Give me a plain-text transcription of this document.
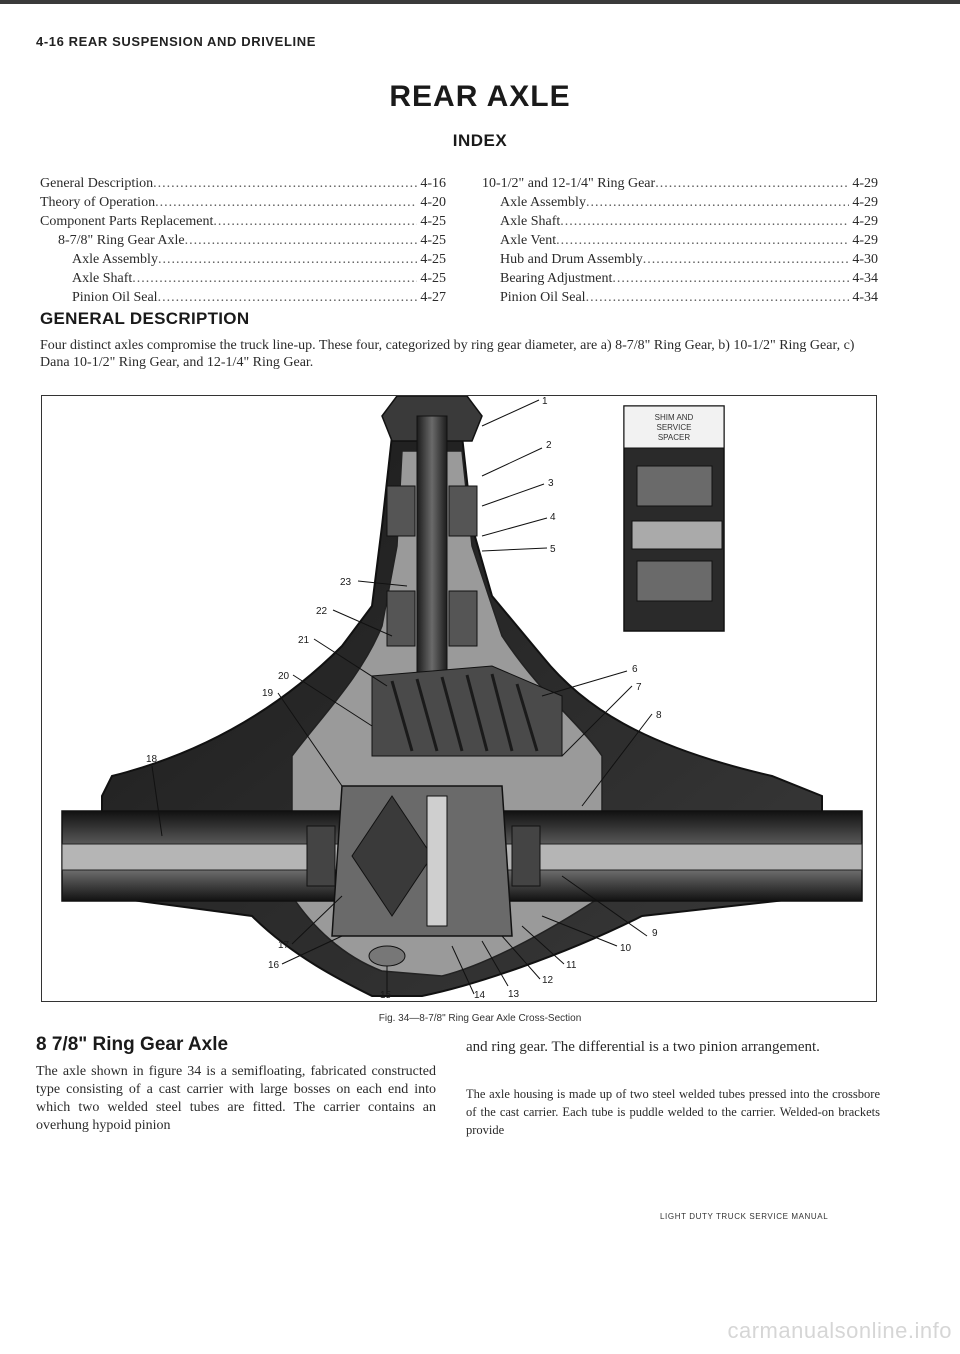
4-16 REAR SUSPENSION AND DRIVELINE
REAR AXLE
INDEX
General Description .....	4-16
Theory of Operation .....	4-20
Component Parts Replacement .....	4-25
8-7/8" Ring Gear Axle .....	4-25
Axle Assembly .....	4-25
Axle Shaft .....	4-25
Pinion Oil Seal .....	4-27
10-1/2" and 12-1/4" Ring Gear .....	4-29
Axle Assembly .....	4-29
Axle Shaft .....	4-29
Axle Vent .....	4-29
Hub and Drum Assembly .....	4-30
Bearing Adjustment .....	4-34
Pinion Oil Seal .....	4-34
GENERAL DESCRIPTION
Four distinct axles compromise the truck line-up. These four, categorized by ring gear diameter, are a) 8-7/8" Ring Gear, b) 10-1/2" Ring Gear, c) Dana 10-1/2" Ring Gear, and 12-1/4" Ring Gear.
SHIM AND
SERVICE
SPACER
1
2
3
4
5
6
7
8
9
10
11
12
13
14
15
16
17
18
19
20
21
22
23
Fig. 34—8-7/8" Ring Gear Axle Cross-Section
8 7/8" Ring Gear Axle
The axle shown in figure 34 is a semifloating, fabricated constructed type consisting of a cast carrier with large bosses on each end into which two welded steel tubes are fitted. The carrier contains an overhung hypoid pinion
and ring gear. The differential is a two pinion arrangement.
The axle housing is made up of two steel welded tubes pressed into the crossbore of the cast carrier. Each tube is puddle welded to the carrier. Welded-on brackets provide
LIGHT DUTY TRUCK SERVICE MANUAL
carmanualsonline.info
